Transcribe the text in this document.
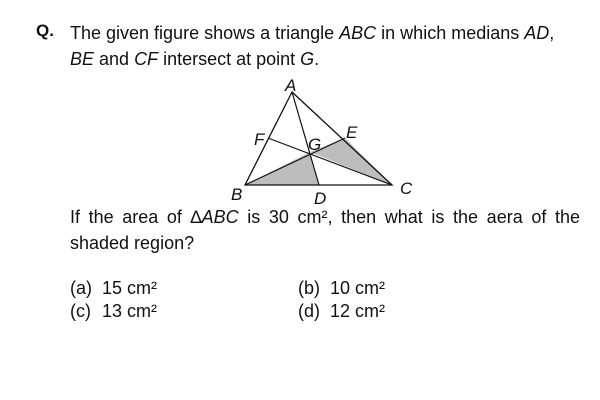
Q. The given figure shows a triangle ABC in which medians AD,
BE and CF intersect at point G.
A
B	C
D
E
F	G
If the area of ∆ABC is 30 cm², then what is the aera of the shaded region?
(a) 15 cm²	(b) 10 cm²
(c) 13 cm²	(d) 12 cm²
